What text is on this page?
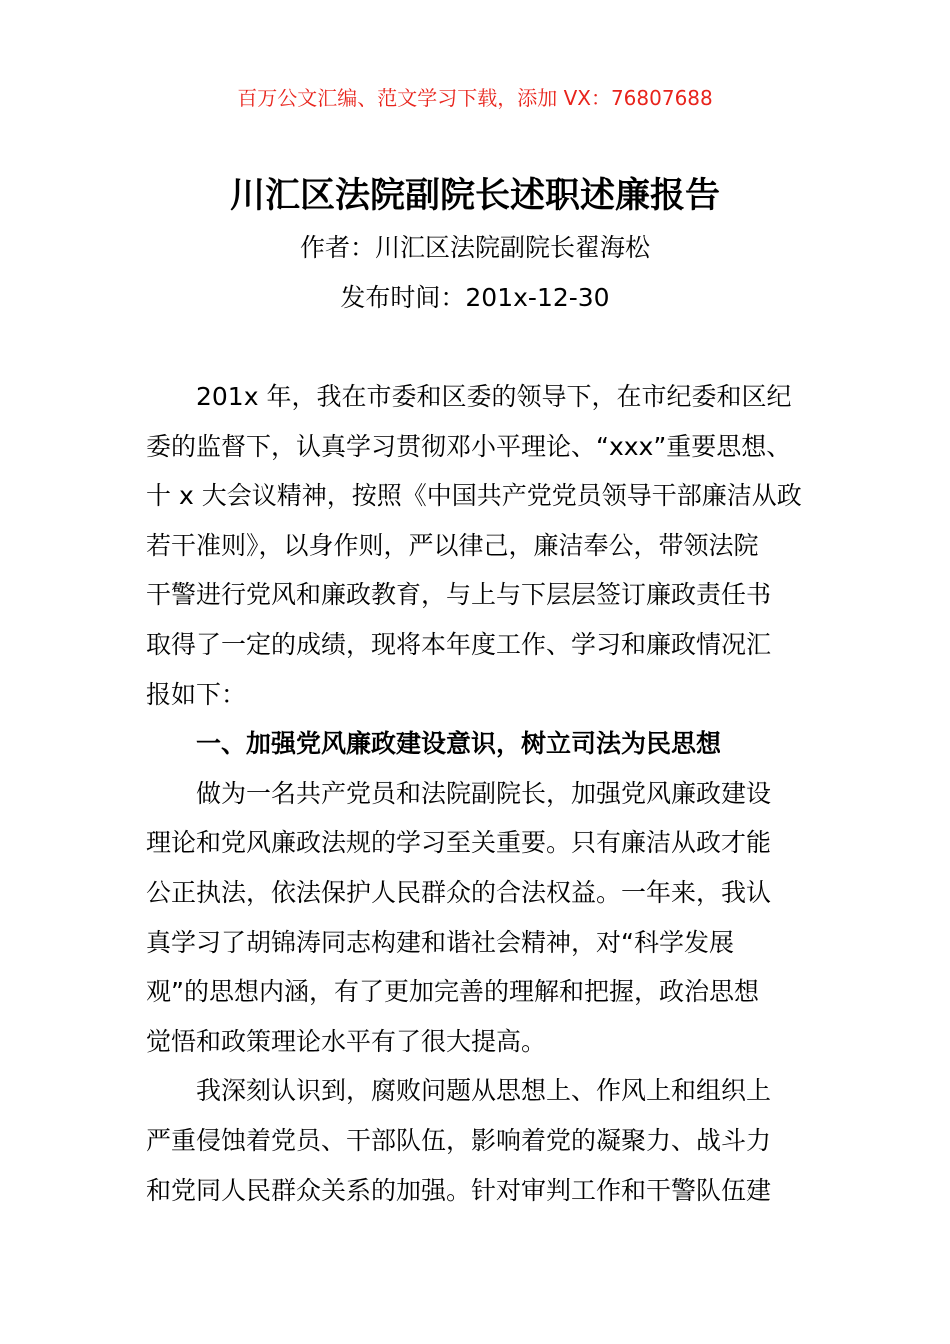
百万公文汇编、范文学习下载，添加 VX：76807688
川汇区法院副院长述职述廉报告
作者：川汇区法院副院长翟海松
发布时间：201x-12-30
201x 年，我在市委和区委的领导下，在市纪委和区纪
委的监督下，认真学习贯彻邓小平理论、“xxx”重要思想、
十 x 大会议精神，按照《中国共产党党员领导干部廉洁从政
若干准则》，以身作则，严以律己，廉洁奉公，带领法院
干警进行党风和廉政教育，与上与下层层签订廉政责任书
取得了一定的成绩，现将本年度工作、学习和廉政情况汇
报如下：
一、加强党风廉政建设意识，树立司法为民思想
做为一名共产党员和法院副院长，加强党风廉政建设
理论和党风廉政法规的学习至关重要。只有廉洁从政才能
公正执法，依法保护人民群众的合法权益。一年来，我认
真学习了胡锦涛同志构建和谐社会精神，对“科学发展
观”的思想内涵，有了更加完善的理解和把握，政治思想
觉悟和政策理论水平有了很大提高。
我深刻认识到，腐败问题从思想上、作风上和组织上
严重侵蚀着党员、干部队伍，影响着党的凝聚力、战斗力
和党同人民群众关系的加强。针对审判工作和干警队伍建
